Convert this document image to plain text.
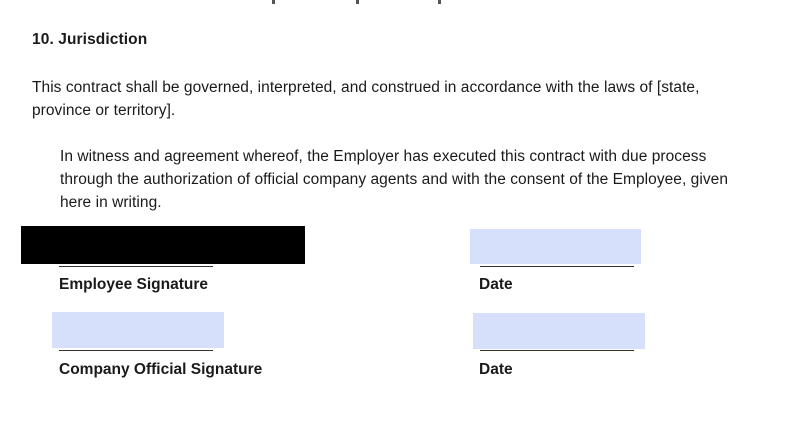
10. Jurisdiction
This contract shall be governed, interpreted, and construed in accordance with the laws of [state, province or territory].
In witness and agreement whereof, the Employer has executed this contract with due process through the authorization of official company agents and with the consent of the Employee, given here in writing.
Employee Signature	Date
Company Official Signature	Date
